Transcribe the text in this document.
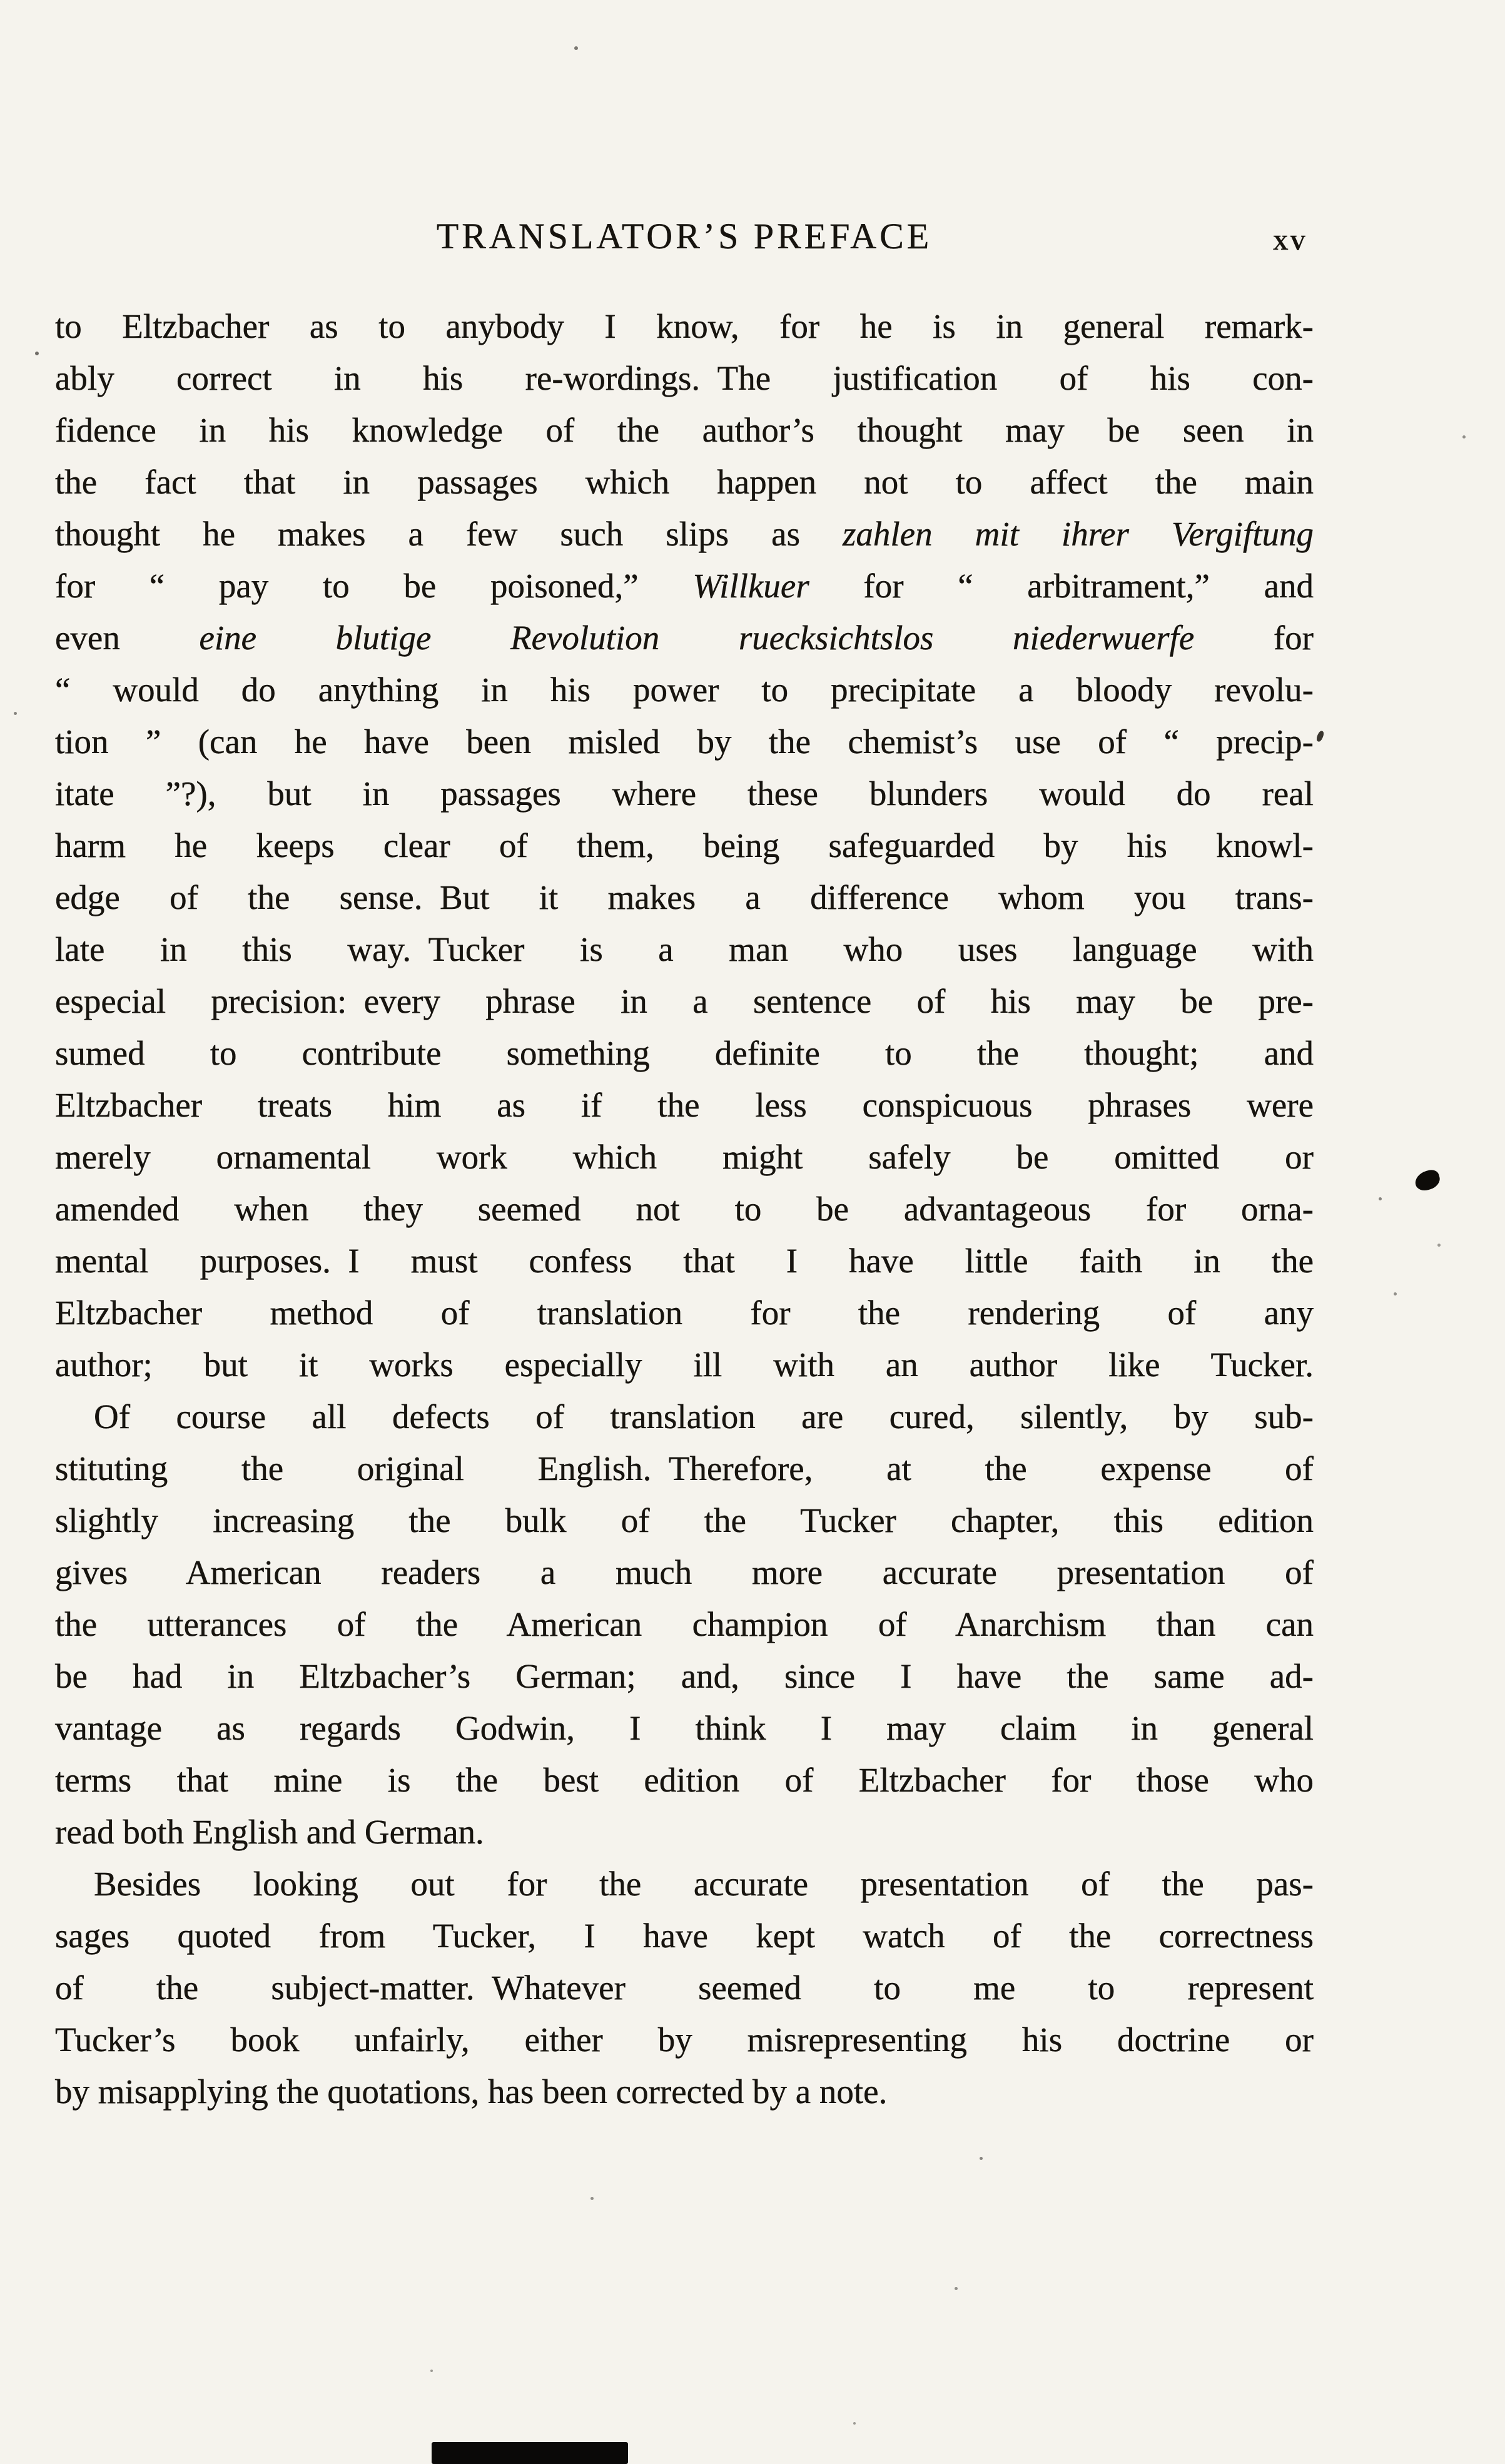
TRANSLATOR’S PREFACE	xv
to Eltzbacher as to anybody I know, for he is in general remark-
ably correct in his re-wordings. The justification of his con-
fidence in his knowledge of the author’s thought may be seen in
the fact that in passages which happen not to affect the main
thought he makes a few such slips as zahlen mit ihrer Vergiftung
for “ pay to be poisoned,” Willkuer for “ arbitrament,” and
even eine blutige Revolution ruecksichtslos niederwuerfe for
“ would do anything in his power to precipitate a bloody revolu-
tion ” (can he have been misled by the chemist’s use of “ precip-
itate ”?), but in passages where these blunders would do real
harm he keeps clear of them, being safeguarded by his knowl-
edge of the sense. But it makes a difference whom you trans-
late in this way. Tucker is a man who uses language with
especial precision: every phrase in a sentence of his may be pre-
sumed to contribute something definite to the thought; and
Eltzbacher treats him as if the less conspicuous phrases were
merely ornamental work which might safely be omitted or
amended when they seemed not to be advantageous for orna-
mental purposes. I must confess that I have little faith in the
Eltzbacher method of translation for the rendering of any
author; but it works especially ill with an author like Tucker.
Of course all defects of translation are cured, silently, by sub-
stituting the original English. Therefore, at the expense of
slightly increasing the bulk of the Tucker chapter, this edition
gives American readers a much more accurate presentation of
the utterances of the American champion of Anarchism than can
be had in Eltzbacher’s German; and, since I have the same ad-
vantage as regards Godwin, I think I may claim in general
terms that mine is the best edition of Eltzbacher for those who
read both English and German.
Besides looking out for the accurate presentation of the pas-
sages quoted from Tucker, I have kept watch of the correctness
of the subject-matter. Whatever seemed to me to represent
Tucker’s book unfairly, either by misrepresenting his doctrine or
by misapplying the quotations, has been corrected by a note.
